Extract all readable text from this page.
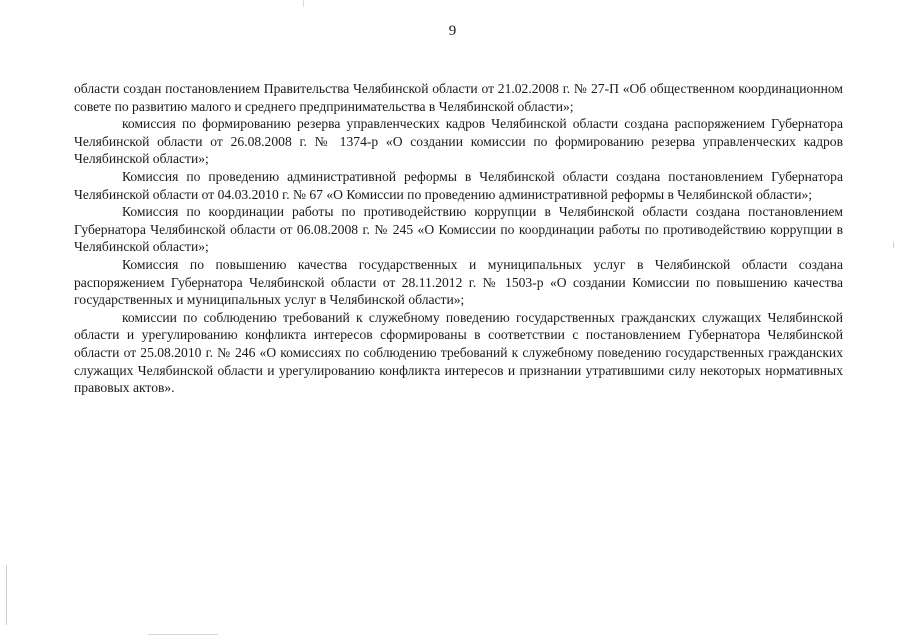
9

области создан постановлением Правительства Челябинской области от 21.02.2008 г. № 27-П «Об общественном координационном совете по развитию малого и среднего предпринимательства в Челябинской области»;

комиссия по формированию резерва управленческих кадров Челябинской области создана распоряжением Губернатора Челябинской области от 26.08.2008 г. № 1374-р «О создании комиссии по формированию резерва управленческих кадров Челябинской области»;

Комиссия по проведению административной реформы в Челябинской области создана постановлением Губернатора Челябинской области от 04.03.2010 г. № 67 «О Комиссии по проведению административной реформы в Челябинской области»;

Комиссия по координации работы по противодействию коррупции в Челябинской области создана постановлением Губернатора Челябинской области от 06.08.2008 г. № 245 «О Комиссии по координации работы по противодействию коррупции в Челябинской области»;

Комиссия по повышению качества государственных и муниципальных услуг в Челябинской области создана распоряжением Губернатора Челябинской области от 28.11.2012 г. № 1503-р «О создании Комиссии по повышению качества государственных и муниципальных услуг в Челябинской области»;

комиссии по соблюдению требований к служебному поведению государственных гражданских служащих Челябинской области и урегулированию конфликта интересов сформированы в соответствии с постановлением Губернатора Челябинской области от 25.08.2010 г. № 246 «О комиссиях по соблюдению требований к служебному поведению государственных гражданских служащих Челябинской области и урегулированию конфликта интересов и признании утратившими силу некоторых нормативных правовых актов».
